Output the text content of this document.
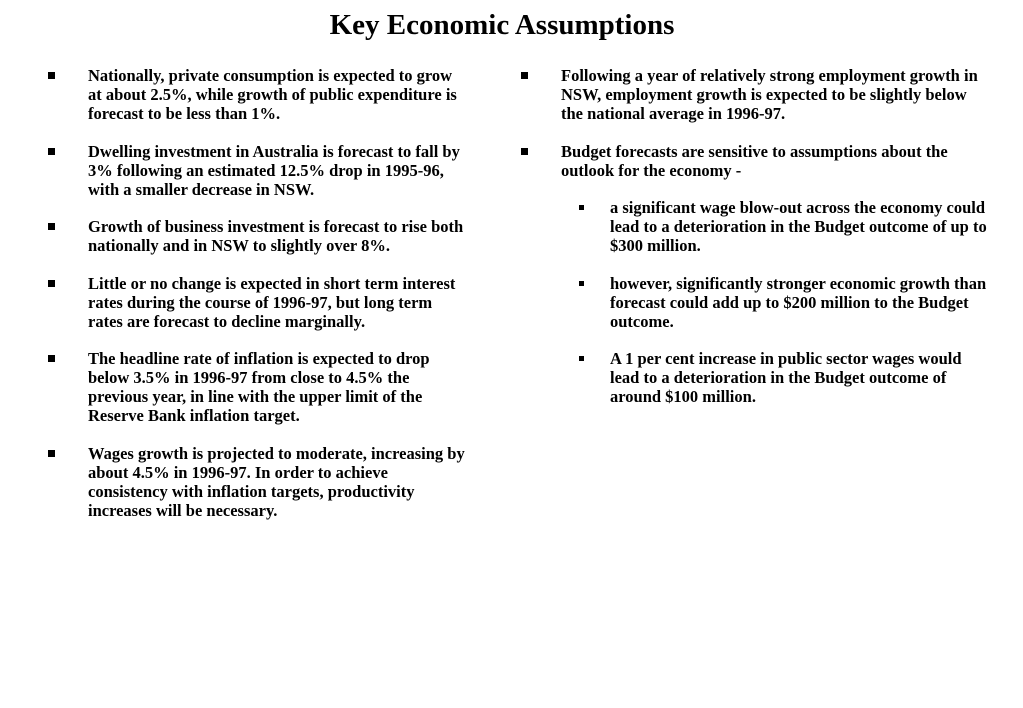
Key Economic Assumptions
Nationally, private consumption is expected to grow at about 2.5%, while growth of public expenditure is forecast to be less than 1%.
Dwelling investment in Australia is forecast to fall by 3% following an estimated 12.5% drop in 1995-96, with a smaller decrease in NSW.
Growth of business investment is forecast to rise both nationally and in NSW to slightly over 8%.
Little or no change is expected in short term interest rates during the course of 1996-97, but long term rates are forecast to decline marginally.
The headline rate of inflation is expected to drop below 3.5% in 1996-97 from close to 4.5% the previous year, in line with the upper limit of the Reserve Bank inflation target.
Wages growth is projected to moderate, increasing by about 4.5% in 1996-97. In order to achieve consistency with inflation targets, productivity increases will be necessary.
Following a year of relatively strong employment growth in NSW, employment growth is expected to be slightly below the national average in 1996-97.
Budget forecasts are sensitive to assumptions about the outlook for the economy -
a significant wage blow-out across the economy could lead to a deterioration in the Budget outcome of up to $300 million.
however, significantly stronger economic growth than forecast could add up to $200 million to the Budget outcome.
A 1 per cent increase in public sector wages would lead to a deterioration in the Budget outcome of around $100 million.
